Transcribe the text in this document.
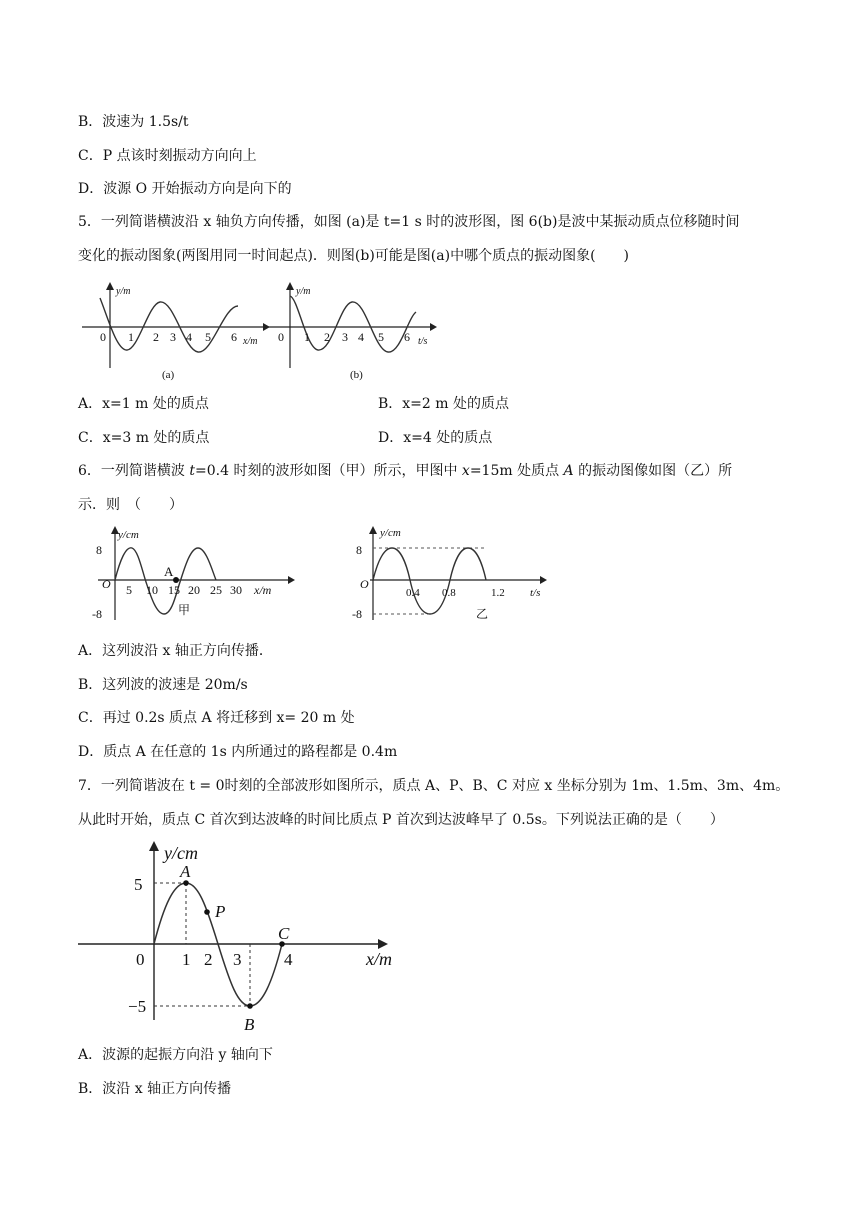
B．波速为 1.5s/t
C．P 点该时刻振动方向向上
D．波源 O 开始振动方向是向下的
5．一列简谐横波沿 x 轴负方向传播，如图 (a)是 t=1 s 时的波形图，图 6(b)是波中某振动质点位移随时间
变化的振动图象(两图用同一时间起点)．则图(b)可能是图(a)中哪个质点的振动图象(　　)
y/m
x/m
0 1 2 3 4 5 6
(a)
y/m
t/s
0 1 2 3 4 5 6
(b)
A．x=1 m 处的质点	B．x=2 m 处的质点
C．x=3 m 处的质点	D．x=4 处的质点
6．一列简谐横波 t=0.4 时刻的波形如图（甲）所示，甲图中 x=15m 处质点 A 的振动图像如图（乙）所
示．则　（　　）
y/cm
8
O
-8
5 10 15 20 25 30 x/m
A
甲
y/cm
8
O
-8
0.4 0.8	1.2 t/s
乙
A．这列波沿 x 轴正方向传播．
B．这列波的波速是 20m/s
C．再过 0.2s 质点 A 将迁移到 x= 20 m 处
D．质点 A 在任意的 1s 内所通过的路程都是 0.4m
7．一列简谐波在 t = 0时刻的全部波形如图所示，质点 A、P、B、C 对应 x 坐标分别为 1m、1.5m、3m、4m。
从此时开始，质点 C 首次到达波峰的时间比质点 P 首次到达波峰早了 0.5s。下列说法正确的是（　　）
y/cm
5
−5
0 1 2 3	4	x/m
A
P
B
C
A．波源的起振方向沿 y 轴向下
B．波沿 x 轴正方向传播
